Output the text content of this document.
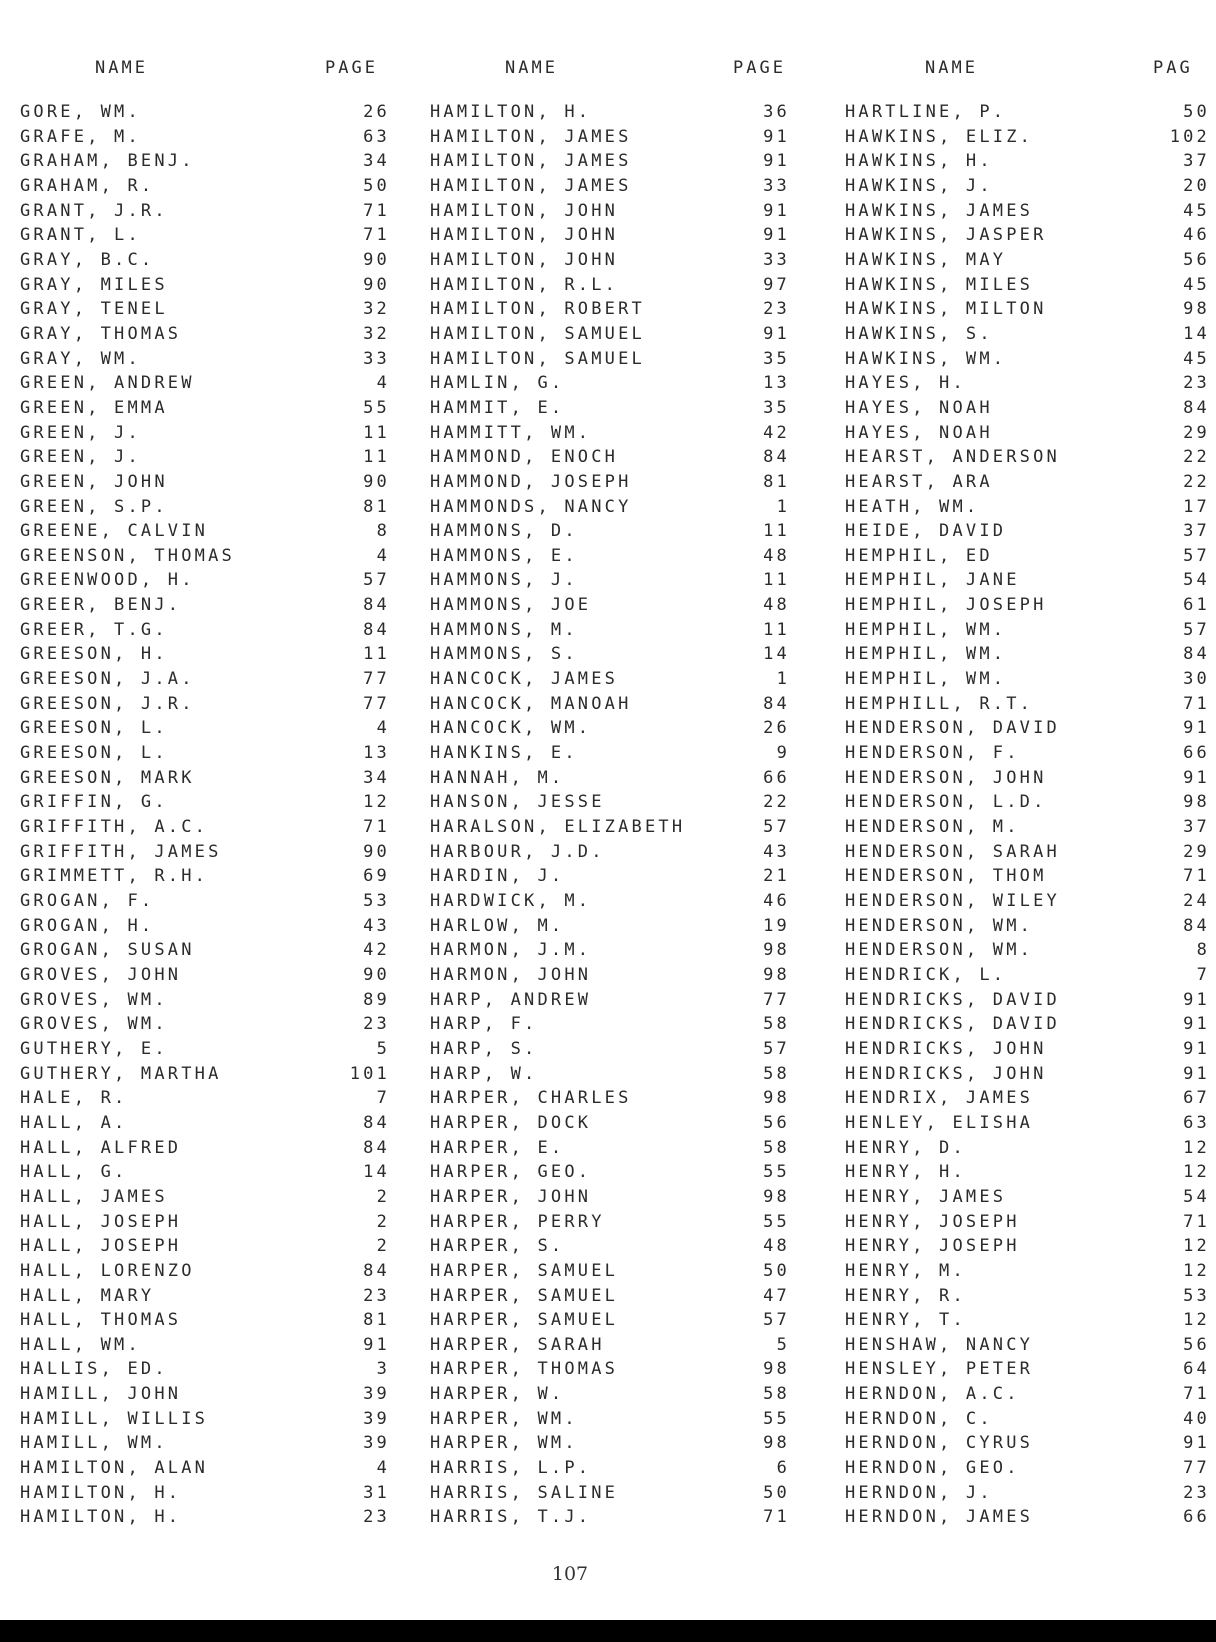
NAME	PAGE
GORE, WM.	26
GRAFE, M.	63
GRAHAM, BENJ.	34
GRAHAM, R.	50
GRANT, J.R.	71
GRANT, L.	71
GRAY, B.C.	90
GRAY, MILES	90
GRAY, TENEL	32
GRAY, THOMAS	32
GRAY, WM.	33
GREEN, ANDREW	4
GREEN, EMMA	55
GREEN, J.	11
GREEN, J.	11
GREEN, JOHN	90
GREEN, S.P.	81
GREENE, CALVIN	8
GREENSON, THOMAS	4
GREENWOOD, H.	57
GREER, BENJ.	84
GREER, T.G.	84
GREESON, H.	11
GREESON, J.A.	77
GREESON, J.R.	77
GREESON, L.	4
GREESON, L.	13
GREESON, MARK	34
GRIFFIN, G.	12
GRIFFITH, A.C.	71
GRIFFITH, JAMES	90
GRIMMETT, R.H.	69
GROGAN, F.	53
GROGAN, H.	43
GROGAN, SUSAN	42
GROVES, JOHN	90
GROVES, WM.	89
GROVES, WM.	23
GUTHERY, E.	5
GUTHERY, MARTHA	101
HALE, R.	7
HALL, A.	84
HALL, ALFRED	84
HALL, G.	14
HALL, JAMES	2
HALL, JOSEPH	2
HALL, JOSEPH	2
HALL, LORENZO	84
HALL, MARY	23
HALL, THOMAS	81
HALL, WM.	91
HALLIS, ED.	3
HAMILL, JOHN	39
HAMILL, WILLIS	39
HAMILL, WM.	39
HAMILTON, ALAN	4
HAMILTON, H.	31
HAMILTON, H.	23
NAME	PAGE
HAMILTON, H.	36
HAMILTON, JAMES	91
HAMILTON, JAMES	91
HAMILTON, JAMES	33
HAMILTON, JOHN	91
HAMILTON, JOHN	91
HAMILTON, JOHN	33
HAMILTON, R.L.	97
HAMILTON, ROBERT	23
HAMILTON, SAMUEL	91
HAMILTON, SAMUEL	35
HAMLIN, G.	13
HAMMIT, E.	35
HAMMITT, WM.	42
HAMMOND, ENOCH	84
HAMMOND, JOSEPH	81
HAMMONDS, NANCY	1
HAMMONS, D.	11
HAMMONS, E.	48
HAMMONS, J.	11
HAMMONS, JOE	48
HAMMONS, M.	11
HAMMONS, S.	14
HANCOCK, JAMES	1
HANCOCK, MANOAH	84
HANCOCK, WM.	26
HANKINS, E.	9
HANNAH, M.	66
HANSON, JESSE	22
HARALSON, ELIZABETH	57
HARBOUR, J.D.	43
HARDIN, J.	21
HARDWICK, M.	46
HARLOW, M.	19
HARMON, J.M.	98
HARMON, JOHN	98
HARP, ANDREW	77
HARP, F.	58
HARP, S.	57
HARP, W.	58
HARPER, CHARLES	98
HARPER, DOCK	56
HARPER, E.	58
HARPER, GEO.	55
HARPER, JOHN	98
HARPER, PERRY	55
HARPER, S.	48
HARPER, SAMUEL	50
HARPER, SAMUEL	47
HARPER, SAMUEL	57
HARPER, SARAH	5
HARPER, THOMAS	98
HARPER, W.	58
HARPER, WM.	55
HARPER, WM.	98
HARRIS, L.P.	6
HARRIS, SALINE	50
HARRIS, T.J.	71
NAME	PAG
HARTLINE, P.	50
HAWKINS, ELIZ.	102
HAWKINS, H.	37
HAWKINS, J.	20
HAWKINS, JAMES	45
HAWKINS, JASPER	46
HAWKINS, MAY	56
HAWKINS, MILES	45
HAWKINS, MILTON	98
HAWKINS, S.	14
HAWKINS, WM.	45
HAYES, H.	23
HAYES, NOAH	84
HAYES, NOAH	29
HEARST, ANDERSON	22
HEARST, ARA	22
HEATH, WM.	17
HEIDE, DAVID	37
HEMPHIL, ED	57
HEMPHIL, JANE	54
HEMPHIL, JOSEPH	61
HEMPHIL, WM.	57
HEMPHIL, WM.	84
HEMPHIL, WM.	30
HEMPHILL, R.T.	71
HENDERSON, DAVID	91
HENDERSON, F.	66
HENDERSON, JOHN	91
HENDERSON, L.D.	98
HENDERSON, M.	37
HENDERSON, SARAH	29
HENDERSON, THOM	71
HENDERSON, WILEY	24
HENDERSON, WM.	84
HENDERSON, WM.	8
HENDRICK, L.	7
HENDRICKS, DAVID	91
HENDRICKS, DAVID	91
HENDRICKS, JOHN	91
HENDRICKS, JOHN	91
HENDRIX, JAMES	67
HENLEY, ELISHA	63
HENRY, D.	12
HENRY, H.	12
HENRY, JAMES	54
HENRY, JOSEPH	71
HENRY, JOSEPH	12
HENRY, M.	12
HENRY, R.	53
HENRY, T.	12
HENSHAW, NANCY	56
HENSLEY, PETER	64
HERNDON, A.C.	71
HERNDON, C.	40
HERNDON, CYRUS	91
HERNDON, GEO.	77
HERNDON, J.	23
HERNDON, JAMES	66
107
